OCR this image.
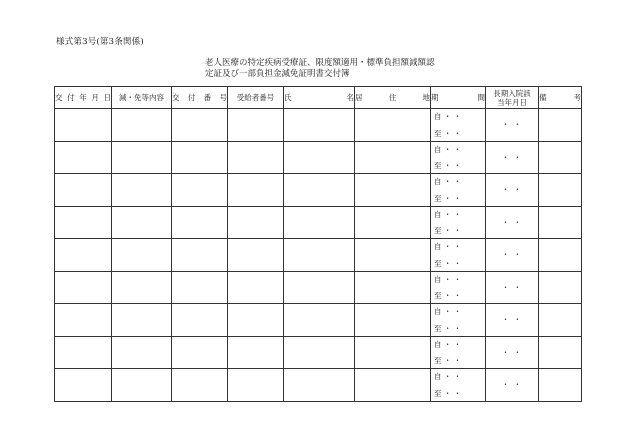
様式第3号(第3条関係)
老人医療の特定疾病受療証、限度額適用・標準負担額減額認
定証及び一部負担金減免証明書交付簿
交付年月日	減・免等内容	交付番号	受給者番号	氏名	居住地	期間	長期入院該
当年月日	備考

						自 ・ ・
至 ・ ・	・ ・	

						自 ・ ・
至 ・ ・	・ ・	

						自 ・ ・
至 ・ ・	・ ・	

						自 ・ ・
至 ・ ・	・ ・	

						自 ・ ・
至 ・ ・	・ ・	

						自 ・ ・
至 ・ ・	・ ・	

						自 ・ ・
至 ・ ・	・ ・	

						自 ・ ・
至 ・ ・	・ ・	

						自 ・ ・
至 ・ ・	・ ・	
